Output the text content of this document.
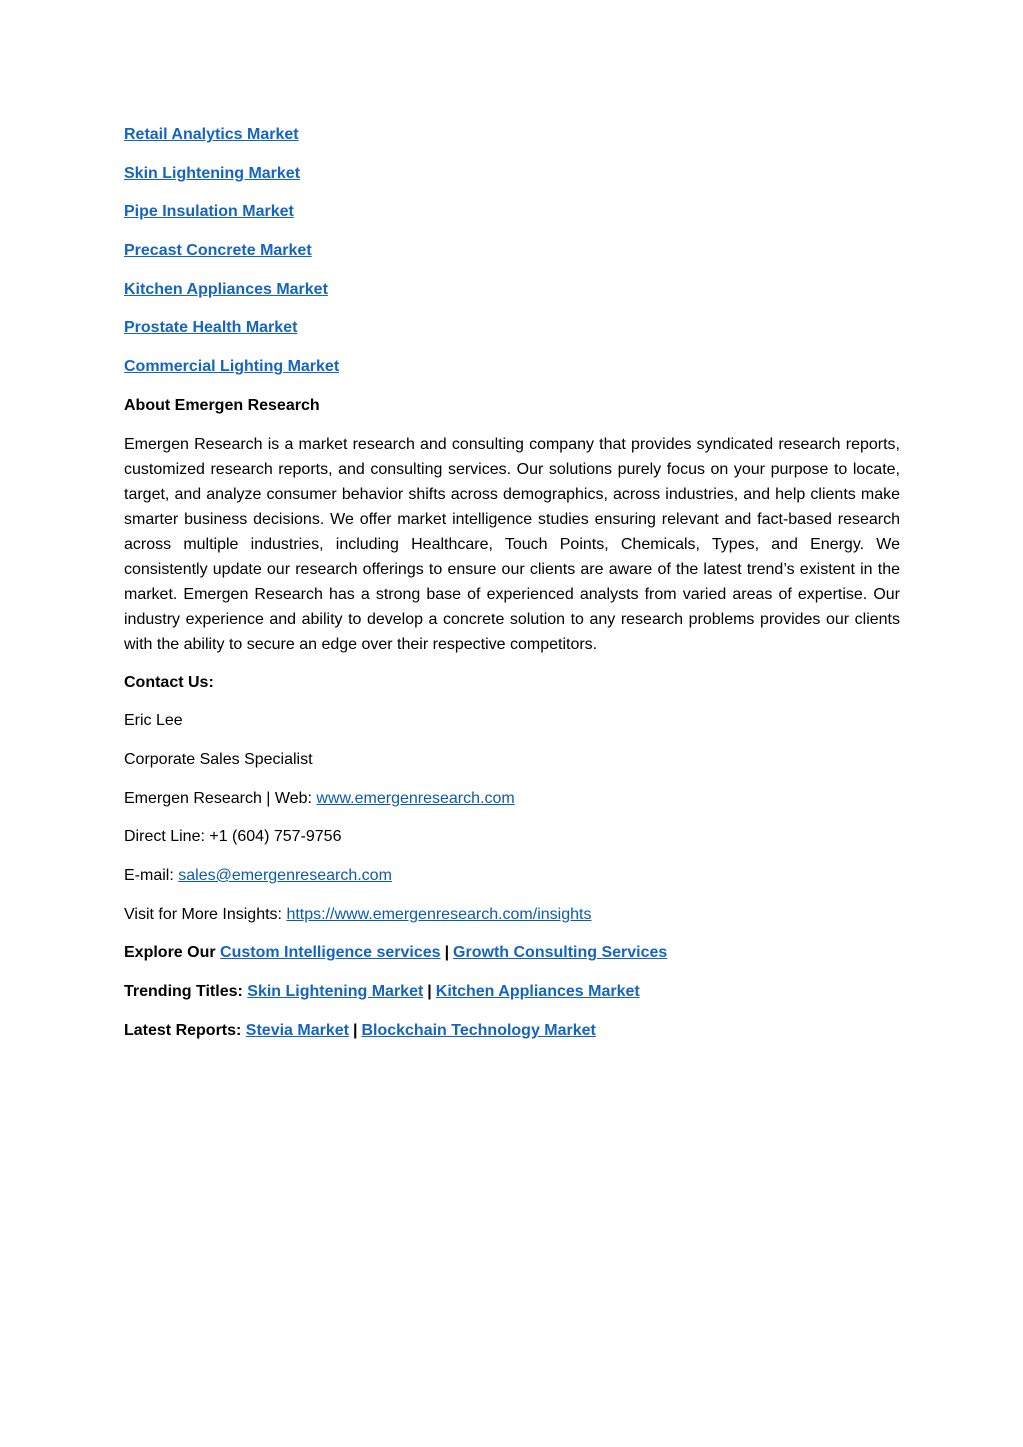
Retail Analytics Market
Skin Lightening Market
Pipe Insulation Market
Precast Concrete Market
Kitchen Appliances Market
Prostate Health Market
Commercial Lighting Market
About Emergen Research

Emergen Research is a market research and consulting company that provides syndicated research reports, customized research reports, and consulting services. Our solutions purely focus on your purpose to locate, target, and analyze consumer behavior shifts across demographics, across industries, and help clients make smarter business decisions. We offer market intelligence studies ensuring relevant and fact-based research across multiple industries, including Healthcare, Touch Points, Chemicals, Types, and Energy. We consistently update our research offerings to ensure our clients are aware of the latest trend’s existent in the market. Emergen Research has a strong base of experienced analysts from varied areas of expertise. Our industry experience and ability to develop a concrete solution to any research problems provides our clients with the ability to secure an edge over their respective competitors.

Contact Us:
Eric Lee
Corporate Sales Specialist
Emergen Research | Web: www.emergenresearch.com
Direct Line: +1 (604) 757-9756
E-mail: sales@emergenresearch.com
Visit for More Insights: https://www.emergenresearch.com/insights
Explore Our Custom Intelligence services | Growth Consulting Services
Trending Titles: Skin Lightening Market | Kitchen Appliances Market
Latest Reports: Stevia Market | Blockchain Technology Market
